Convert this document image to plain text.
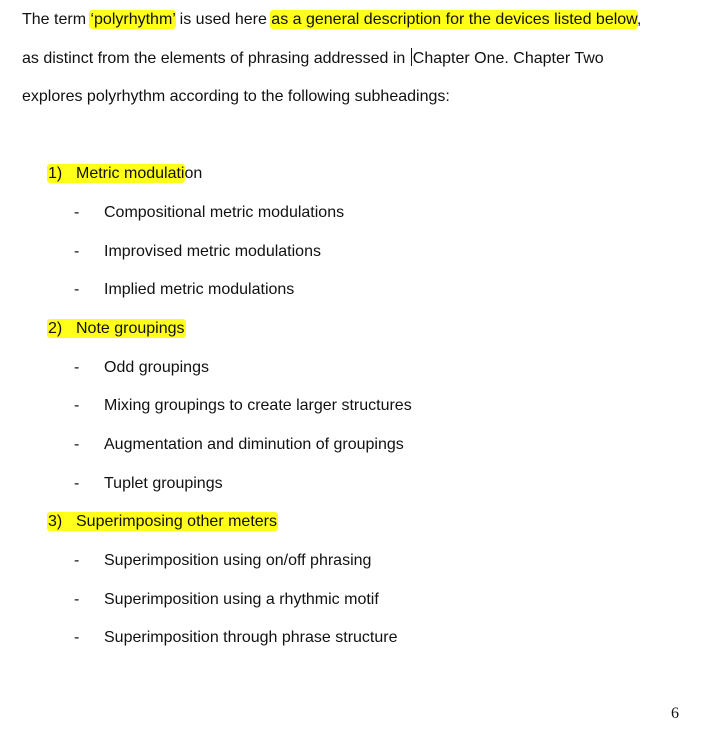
The term ‘polyrhythm’ is used here as a general description for the devices listed below,
as distinct from the elements of phrasing addressed in Chapter One. Chapter Two
explores polyrhythm according to the following subheadings:
1) Metric modulation
- Compositional metric modulations
- Improvised metric modulations
- Implied metric modulations
2) Note groupings
- Odd groupings
- Mixing groupings to create larger structures
- Augmentation and diminution of groupings
- Tuplet groupings
3) Superimposing other meters
- Superimposition using on/off phrasing
- Superimposition using a rhythmic motif
- Superimposition through phrase structure
6
